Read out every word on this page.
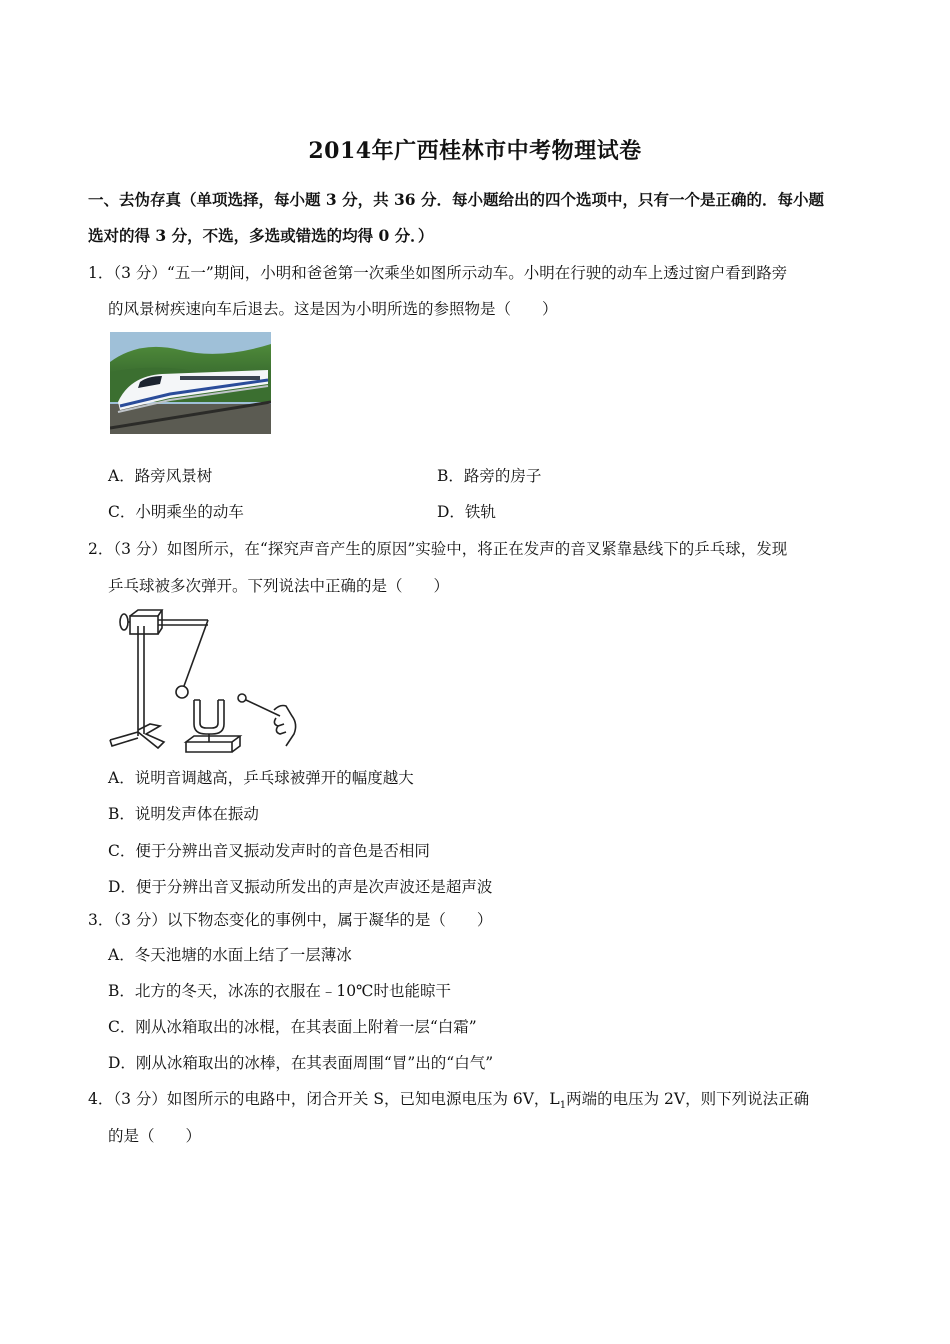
2014年广西桂林市中考物理试卷
一、去伪存真（单项选择，每小题 3 分，共 36 分．每小题给出的四个选项中，只有一个是正确的．每小题
选对的得 3 分，不选，多选或错选的均得 0 分．）
1．（3 分）“五一”期间，小明和爸爸第一次乘坐如图所示动车。小明在行驶的动车上透过窗户看到路旁
的风景树疾速向车后退去。这是因为小明所选的参照物是（　　）
A．路旁风景树	B．路旁的房子
C．小明乘坐的动车	D．铁轨
2．（3 分）如图所示，在“探究声音产生的原因”实验中，将正在发声的音叉紧靠悬线下的乒乓球，发现
乒乓球被多次弹开。下列说法中正确的是（　　）
A．说明音调越高，乒乓球被弹开的幅度越大
B．说明发声体在振动
C．便于分辨出音叉振动发声时的音色是否相同
D．便于分辨出音叉振动所发出的声是次声波还是超声波
3．（3 分）以下物态变化的事例中，属于凝华的是（　　）
A．冬天池塘的水面上结了一层薄冰
B．北方的冬天，冰冻的衣服在﹣10℃时也能晾干
C．刚从冰箱取出的冰棍，在其表面上附着一层“白霜”
D．刚从冰箱取出的冰棒，在其表面周围“冒”出的“白气”
4．（3 分）如图所示的电路中，闭合开关 S，已知电源电压为 6V，$L_1$两端的电压为 2V，则下列说法正确
的是（　　）
